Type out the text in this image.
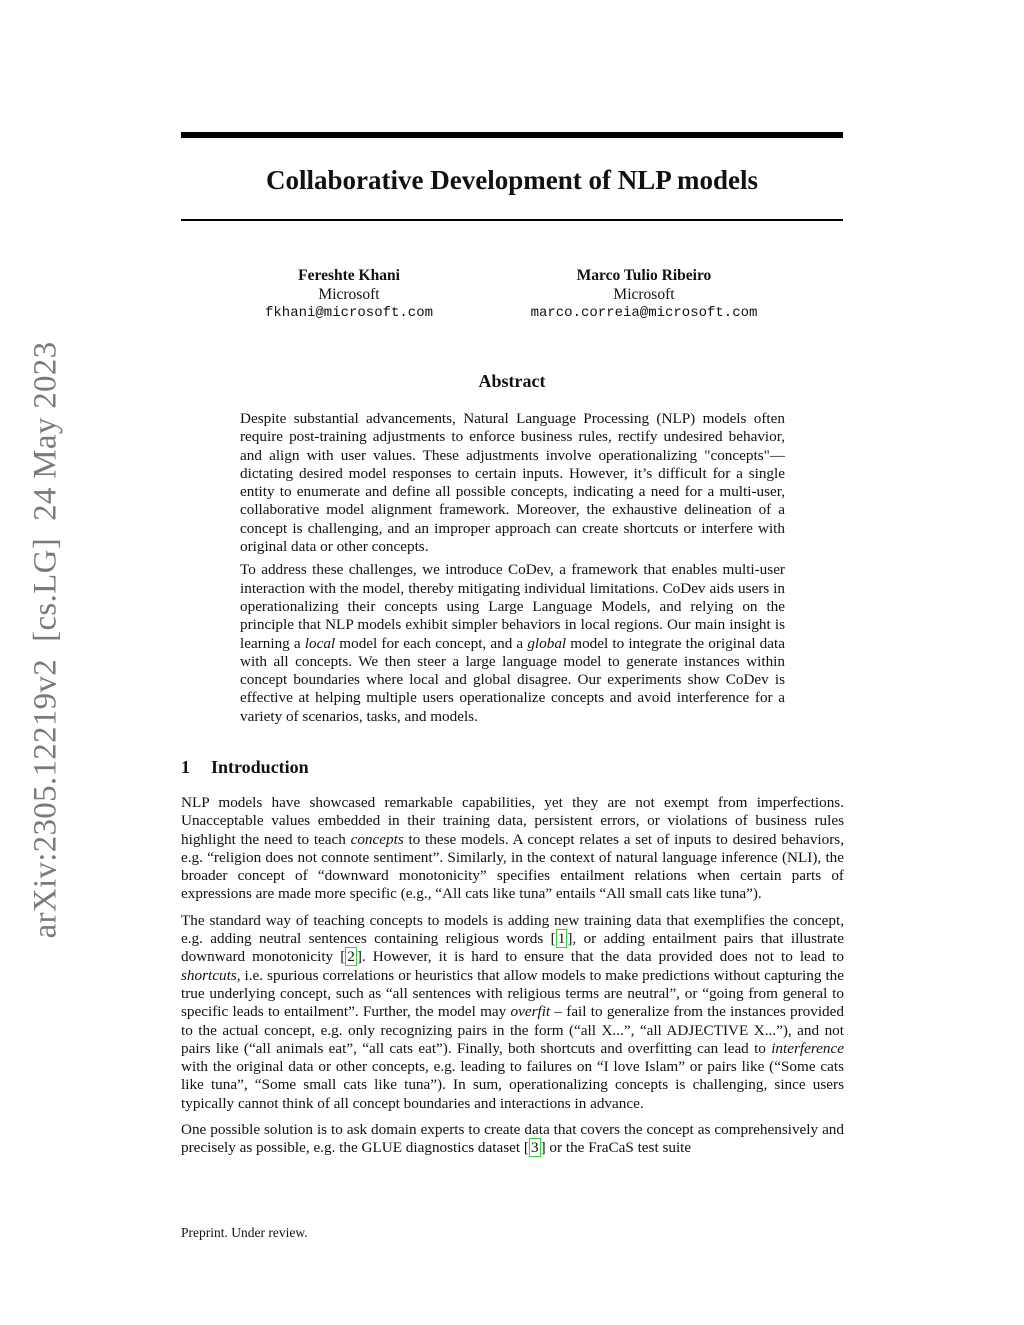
arXiv:2305.12219v2  [cs.LG]  24 May 2023
Collaborative Development of NLP models
Fereshte Khani
Microsoft
fkhani@microsoft.com
Marco Tulio Ribeiro
Microsoft
marco.correia@microsoft.com
Abstract

Despite substantial advancements, Natural Language Processing (NLP) models often require post-training adjustments to enforce business rules, rectify undesired behavior, and align with user values. These adjustments involve operationalizing "concepts"—dictating desired model responses to certain inputs. However, it’s difficult for a single entity to enumerate and define all possible concepts, indicating a need for a multi-user, collaborative model alignment framework. Moreover, the exhaustive delineation of a concept is challenging, and an improper approach can create shortcuts or interfere with original data or other concepts.

To address these challenges, we introduce CoDev, a framework that enables multi-user interaction with the model, thereby mitigating individual limitations. CoDev aids users in operationalizing their concepts using Large Language Models, and relying on the principle that NLP models exhibit simpler behaviors in local regions. Our main insight is learning a local model for each concept, and a global model to integrate the original data with all concepts. We then steer a large language model to generate instances within concept boundaries where local and global disagree. Our experiments show CoDev is effective at helping multiple users operationalize concepts and avoid interference for a variety of scenarios, tasks, and models.

1 Introduction

NLP models have showcased remarkable capabilities, yet they are not exempt from imperfections. Unacceptable values embedded in their training data, persistent errors, or violations of business rules highlight the need to teach concepts to these models. A concept relates a set of inputs to desired behaviors, e.g. “religion does not connote sentiment”. Similarly, in the context of natural language inference (NLI), the broader concept of “downward monotonicity” specifies entailment relations when certain parts of expressions are made more specific (e.g., “All cats like tuna” entails “All small cats like tuna”).

The standard way of teaching concepts to models is adding new training data that exemplifies the concept, e.g. adding neutral sentences containing religious words [ 1 ], or adding entailment pairs that illustrate downward monotonicity [ 2 ]. However, it is hard to ensure that the data provided does not to lead to shortcuts, i.e. spurious correlations or heuristics that allow models to make predictions without capturing the true underlying concept, such as “all sentences with religious terms are neutral”, or “going from general to specific leads to entailment”. Further, the model may overfit – fail to generalize from the instances provided to the actual concept, e.g. only recognizing pairs in the form (“all X...”, “all ADJECTIVE X...”), and not pairs like (“all animals eat”, “all cats eat”). Finally, both shortcuts and overfitting can lead to interference with the original data or other concepts, e.g. leading to failures on “I love Islam” or pairs like (“Some cats like tuna”, “Some small cats like tuna”). In sum, operationalizing concepts is challenging, since users typically cannot think of all concept boundaries and interactions in advance.

One possible solution is to ask domain experts to create data that covers the concept as comprehensively and precisely as possible, e.g. the GLUE diagnostics dataset [ 3 ] or the FraCaS test suite

Preprint. Under review.
